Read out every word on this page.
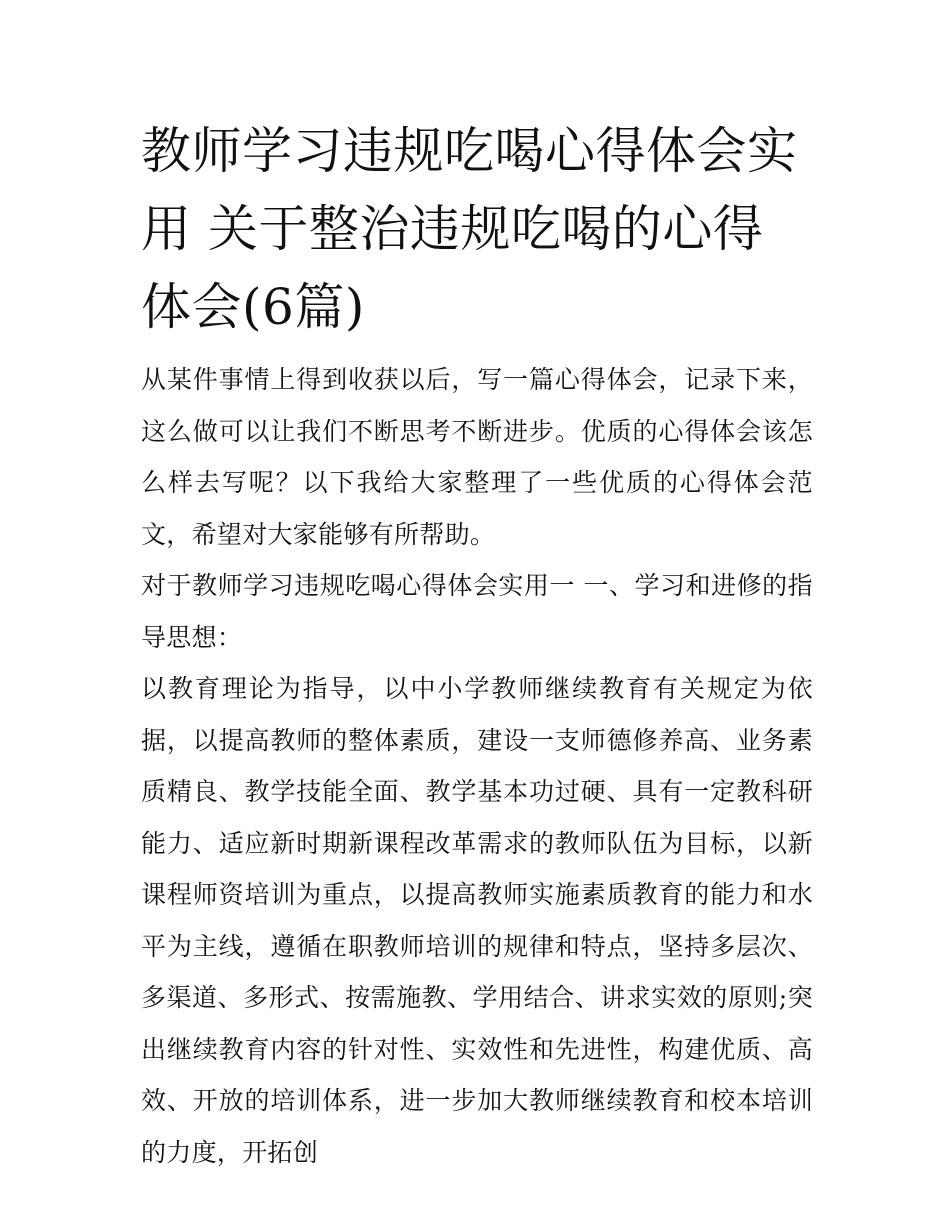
教师学习违规吃喝心得体会实用 关于整治违规吃喝的心得体会(6篇)

从某件事情上得到收获以后，写一篇心得体会，记录下来，这么做可以让我们不断思考不断进步。优质的心得体会该怎么样去写呢？以下我给大家整理了一些优质的心得体会范文，希望对大家能够有所帮助。

对于教师学习违规吃喝心得体会实用一 一、学习和进修的指导思想：

以教育理论为指导，以中小学教师继续教育有关规定为依据，以提高教师的整体素质，建设一支师德修养高、业务素质精良、教学技能全面、教学基本功过硬、具有一定教科研能力、适应新时期新课程改革需求的教师队伍为目标，以新课程师资培训为重点，以提高教师实施素质教育的能力和水平为主线，遵循在职教师培训的规律和特点，坚持多层次、多渠道、多形式、按需施教、学用结合、讲求实效的原则;突出继续教育内容的针对性、实效性和先进性，构建优质、高效、开放的培训体系，进一步加大教师继续教育和校本培训的力度，开拓创
